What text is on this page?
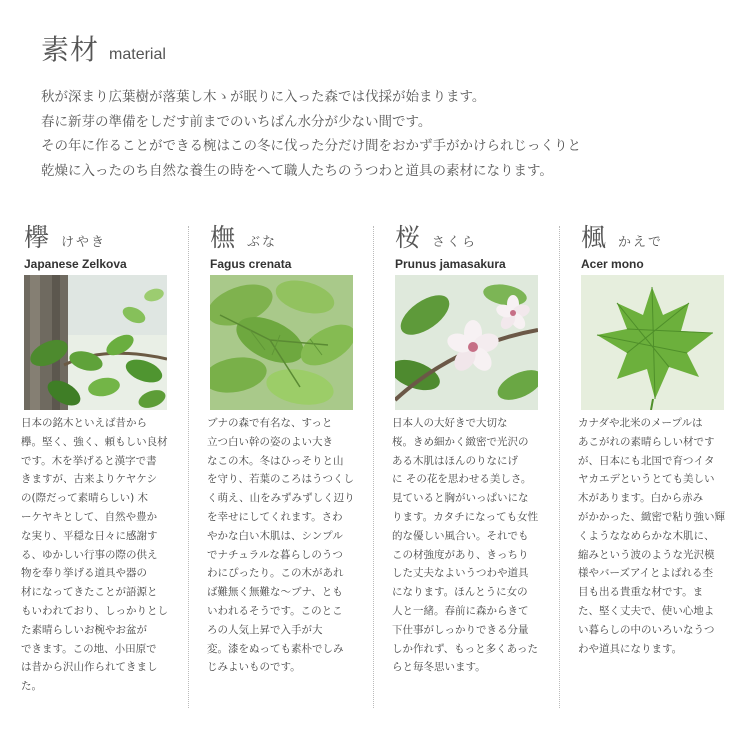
素材 material
秋が深まり広葉樹が落葉し木ゝが眠りに入った森では伐採が始まります。
春に新芽の準備をしだす前までのいちばん水分が少ない間です。
その年に作ることができる椀はこの冬に伐った分だけ間をおかず手がかけられじっくりと
乾燥に入ったのち自然な養生の時をへて職人たちのうつわと道具の素材になります。
欅 けやき
Japanese Zelkova
日本の銘木といえば昔から
欅。堅く、強く、頼もしい良材
です。木を挙げると漢字で書
きますが、古来よりケヤケシ
の(際だって素晴らしい) 木
ーケヤキとして、自然や豊か
な実り、平穏な日々に感謝す
る、ゆかしい行事の際の供え
物を奉り挙げる道具や器の
材になってきたことが語源と
もいわれており、しっかりとし
た素晴らしいお椀やお盆が
できます。この地、小田原で
は昔から沢山作られてきまし
た。
橅 ぶな
Fagus crenata
ブナの森で有名な、すっと
立つ白い幹の姿のよい大き
なこの木。冬はひっそりと山
を守り、若葉のころはうつくし
く萌え、山をみずみずしく辺り
を幸せにしてくれます。さわ
やかな白い木肌は、シンプル
でナチュラルな暮らしのうつ
わにぴったり。この木があれ
ば難無く無難な～ブナ、とも
いわれるそうです。このとこ
ろの人気上昇で入手が大
変。漆をぬっても素朴でしみ
じみよいものです。
桜 さくら
Prunus jamasakura
日本人の大好きで大切な
桜。きめ細かく緻密で光沢の
ある木肌はほんのりなにげ
に その花を思わせる美しさ。
見ていると胸がいっぱいにな
ります。カタチになっても女性
的な優しい風合い。それでも
この材強度があり、きっちり
した丈夫なよいうつわや道具
になります。ほんとうに女の
人と一緒。春前に森からきて
下仕事がしっかりできる分量
しか作れず、もっと多くあった
らと毎冬思います。
楓 かえで
Acer mono
カナダや北米のメープルは
あこがれの素晴らしい材です
が、日本にも北国で育つイタ
ヤカエデというとても美しい
木があります。白から赤み
がかかった、緻密で粘り強い輝
くようななめらかな木肌に、
縮みという波のような光沢模
様やバーズアイとよばれる杢
目も出る貴重な材です。ま
た、堅く丈夫で、使い心地よ
い暮らしの中のいろいなうつ
わや道具になります。
